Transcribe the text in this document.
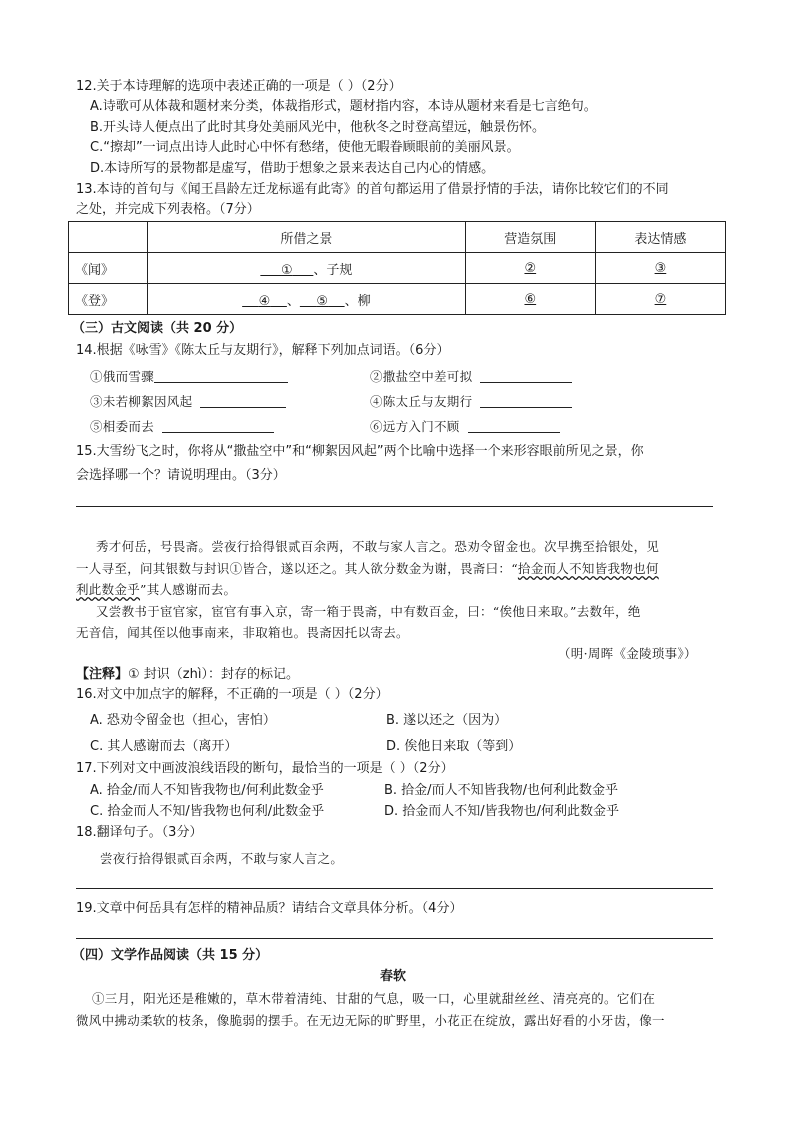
12.关于本诗理解的选项中表述正确的一项是（ ）（2分）
A.诗歌可从体裁和题材来分类，体裁指形式，题材指内容，本诗从题材来看是七言绝句。
B.开头诗人便点出了此时其身处美丽风光中，他秋冬之时登高望远，触景伤怀。
C.“擦却”一词点出诗人此时心中怀有愁绪，使他无暇眷顾眼前的美丽风景。
D.本诗所写的景物都是虚写，借助于想象之景来表达自己内心的情感。
13.本诗的首句与《闻王昌龄左迁龙标遥有此寄》的首句都运用了借景抒情的手法，请你比较它们的不同
之处，并完成下列表格。（7分）
	所借之景	营造氛围	表达情感
《闻》	① 、子规	②	③
《登》	④ 、 ⑤ 、柳	⑥	⑦
（三）古文阅读（共 20 分）
14.根据《咏雪》《陈太丘与友期行》，解释下列加点词语。（6分）
①俄而雪骤	②撒盐空中差可拟
③未若柳絮因风起	④陈太丘与友期行
⑤相委而去	⑥远方入门不顾
15.大雪纷飞之时，你将从“撒盐空中”和“柳絮因风起”两个比喻中选择一个来形容眼前所见之景，你
会选择哪一个？请说明理由。（3分）
秀才何岳，号畏斋。尝夜行拾得银贰百余两，不敢与家人言之。恐劝令留金也。次早携至拾银处，见
一人寻至，问其银数与封识①皆合，遂以还之。其人欲分数金为谢，畏斋曰：“拾金而人不知皆我物也何
利此数金乎”其人感谢而去。
又尝教书于宦官家，宦官有事入京，寄一箱于畏斋，中有数百金，曰：“俟他日来取。”去数年，绝
无音信，闻其侄以他事南来，非取箱也。畏斋因托以寄去。
（明·周晖《金陵琐事》）
【注释】① 封识（zhì）：封存的标记。
16.对文中加点字的解释，不正确的一项是（ ）（2分）
A. 恐劝令留金也（担心，害怕）	B. 遂以还之（因为）
C. 其人感谢而去（离开）	D. 俟他日来取（等到）
17.下列对文中画波浪线语段的断句，最恰当的一项是（ ）（2分）
A. 拾金/而人不知皆我物也/何利此数金乎	B. 拾金/而人不知皆我物/也何利此数金乎
C. 拾金而人不知/皆我物也何利/此数金乎	D. 拾金而人不知/皆我物也/何利此数金乎
18.翻译句子。（3分）
尝夜行拾得银贰百余两，不敢与家人言之。
19.文章中何岳具有怎样的精神品质？请结合文章具体分析。（4分）
（四）文学作品阅读（共 15 分）
春软
①三月，阳光还是稚嫩的，草木带着清纯、甘甜的气息，吸一口，心里就甜丝丝、清亮亮的。它们在
微风中拂动柔软的枝条，像脆弱的摆手。在无边无际的旷野里，小花正在绽放，露出好看的小牙齿，像一
